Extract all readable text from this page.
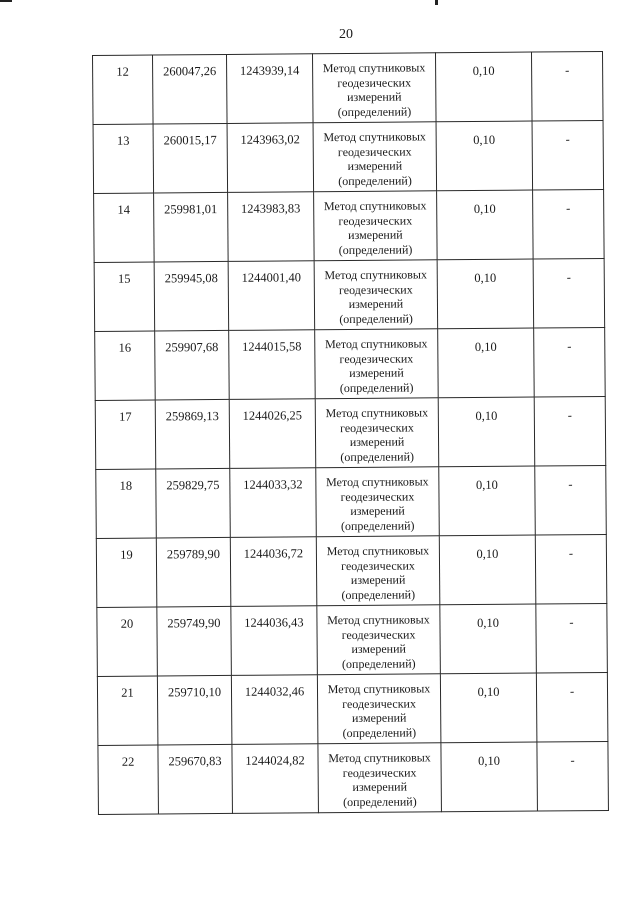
20
12	260047,26	1243939,14	Метод спутниковых геодезических измерений (определений)	0,10	-
13	260015,17	1243963,02	Метод спутниковых геодезических измерений (определений)	0,10	-
14	259981,01	1243983,83	Метод спутниковых геодезических измерений (определений)	0,10	-
15	259945,08	1244001,40	Метод спутниковых геодезических измерений (определений)	0,10	-
16	259907,68	1244015,58	Метод спутниковых геодезических измерений (определений)	0,10	-
17	259869,13	1244026,25	Метод спутниковых геодезических измерений (определений)	0,10	-
18	259829,75	1244033,32	Метод спутниковых геодезических измерений (определений)	0,10	-
19	259789,90	1244036,72	Метод спутниковых геодезических измерений (определений)	0,10	-
20	259749,90	1244036,43	Метод спутниковых геодезических измерений (определений)	0,10	-
21	259710,10	1244032,46	Метод спутниковых геодезических измерений (определений)	0,10	-
22	259670,83	1244024,82	Метод спутниковых геодезических измерений (определений)	0,10	-
